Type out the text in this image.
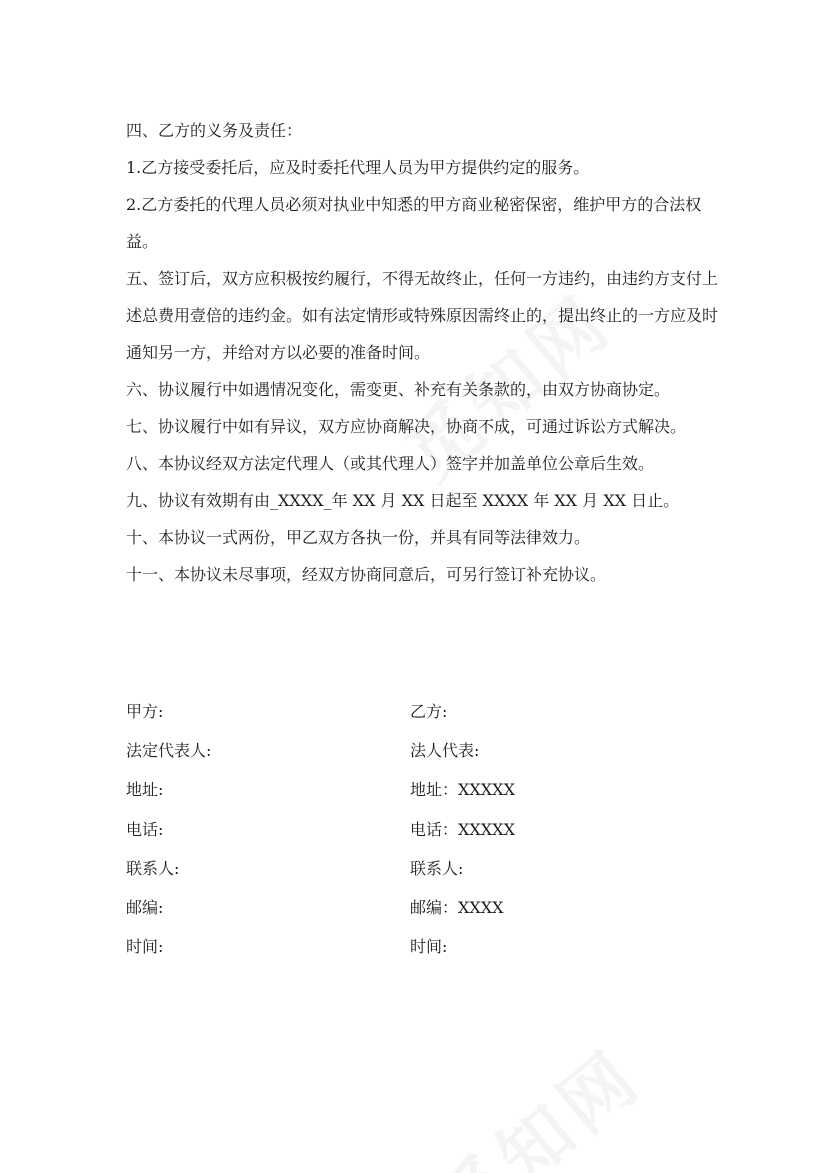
四、乙方的义务及责任：

1.乙方接受委托后，应及时委托代理人员为甲方提供约定的服务。

2.乙方委托的代理人员必须对执业中知悉的甲方商业秘密保密，维护甲方的合法权益。

五、签订后，双方应积极按约履行，不得无故终止，任何一方违约，由违约方支付上述总费用壹倍的违约金。如有法定情形或特殊原因需终止的，提出终止的一方应及时通知另一方，并给对方以必要的准备时间。

六、协议履行中如遇情况变化，需变更、补充有关条款的，由双方协商协定。

七、协议履行中如有异议，双方应协商解决，协商不成，可通过诉讼方式解决。

八、本协议经双方法定代理人（或其代理人）签字并加盖单位公章后生效。

九、协议有效期有由_XXXX_年 XX 月 XX 日起至 XXXX 年 XX 月 XX 日止。

十、本协议一式两份，甲乙双方各执一份，并具有同等法律效力。

十一、本协议未尽事项，经双方协商同意后，可另行签订补充协议。

甲方:	乙方:
法定代表人:	法人代表:
地址:	地址：XXXXX
电话:	电话：XXXXX
联系人:	联系人:
邮编:	邮编：XXXX
时间:	时间:
